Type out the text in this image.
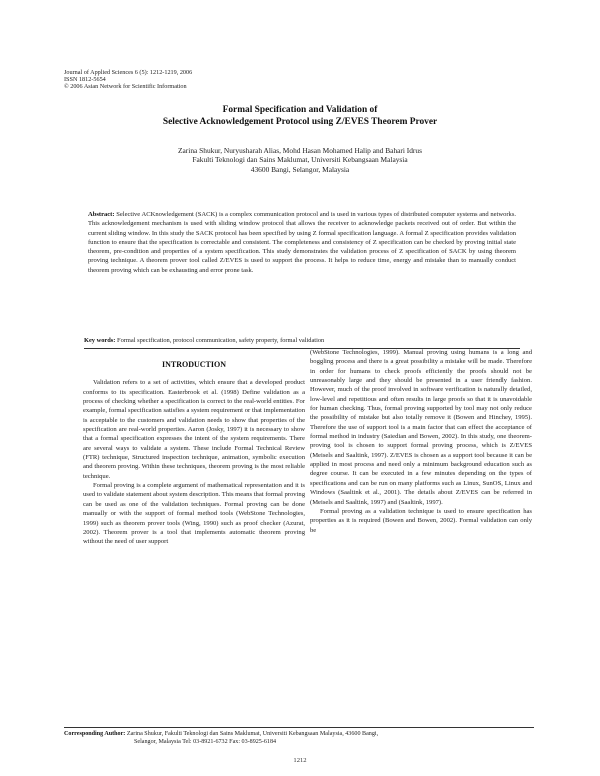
Journal of Applied Sciences 6 (5): 1212-1219, 2006
ISSN 1812-5654
© 2006 Asian Network for Scientific Information
Formal Specification and Validation of
Selective Acknowledgement Protocol using Z/EVES Theorem Prover
Zarina Shukur, Nuryusharah Alias, Mohd Hasan Mohamed Halip and Bahari Idrus
Fakulti Teknologi dan Sains Maklumat, Universiti Kebangsaan Malaysia
43600 Bangi, Selangor, Malaysia
Abstract: Selective ACKnowledgement (SACK) is a complex communication protocol and is used in various types of distributed computer systems and networks. This acknowledgement mechanism is used with sliding window protocol that allows the receiver to acknowledge packets received out of order. But within the current sliding window. In this study the SACK protocol has been specified by using Z formal specification language. A formal Z specification provides validation function to ensure that the specification is correctable and consistent. The completeness and consistency of Z specification can be checked by proving initial state theorem, pre-condition and properties of a system specification. This study demonstrates the validation process of Z specification of SACK by using theorem proving technique. A theorem prover tool called Z/EVES is used to support the process. It helps to reduce time, energy and mistake than to manually conduct theorem proving which can be exhausting and error prone task.
Key words: Formal specification, protocol communication, safety property, formal validation
INTRODUCTION

Validation refers to a set of activities, which ensure that a developed product conforms to its specification. Easterbrook et al. (1998) Define validation as a process of checking whether a specification is correct to the real-world entities. For example, formal specification satisfies a system requirement or that implementation is acceptable to the customers and validation needs to show that properties of the specification are real-world properties. Aaron (Josky, 1997) it is necessary to show that a formal specification expresses the intent of the system requirements. There are several ways to validate a system. These include Formal Technical Review (FTR) technique, Structured inspection technique, animation, symbolic execution and theorem proving. Within these techniques, theorem proving is the most reliable technique.

Formal proving is a complete argument of mathematical representation and it is used to validate statement about system description. This means that formal proving can be used as one of the validation techniques. Formal proving can be done manually or with the support of formal method tools (WebStone Technologies, 1999) such as theorem prover tools (Wing, 1990) such as proof checker (Azurat, 2002). Theorem prover is a tool that implements automatic theorem proving without the need of user support

(WebStone Technologies, 1999). Manual proving using humans is a long and boggling process and there is a great possibility a mistake will be made. Therefore in order for humans to check proofs efficiently the proofs should not be unreasonably large and they should be presented in a user friendly fashion. However, much of the proof involved in software verification is naturally detailed, low-level and repetitious and often results in large proofs so that it is unavoidable for human checking. Thus, formal proving supported by tool may not only reduce the possibility of mistake but also totally remove it (Bowen and Hinchey, 1995). Therefore the use of support tool is a main factor that can effect the acceptance of formal method in industry (Saiedian and Bowen, 2002). In this study, one theorem-proving tool is chosen to support formal proving process, which is Z/EVES (Meisels and Saaltink, 1997). Z/EVES is chosen as a support tool because it can be applied in most process and need only a minimum background education such as degree course. It can be executed in a few minutes depending on the types of specifications and can be run on many platforms such as Linux, SunOS, Linux and Windows (Saaltink et al., 2001). The details about Z/EVES can be referred in (Meisels and Saaltink, 1997) and (Saaltink, 1997).

Formal proving as a validation technique is used to ensure specification has properties as it is required (Bowen and Bowen, 2002). Formal validation can only be

Corresponding Author: Zarina Shukur, Fakulti Teknologi dan Sains Maklumat, Universiti Kebangsaan Malaysia, 43600 Bangi,
Selangor, Malaysia Tel: 03-8921-6732 Fax: 03-8925-6184
1212
